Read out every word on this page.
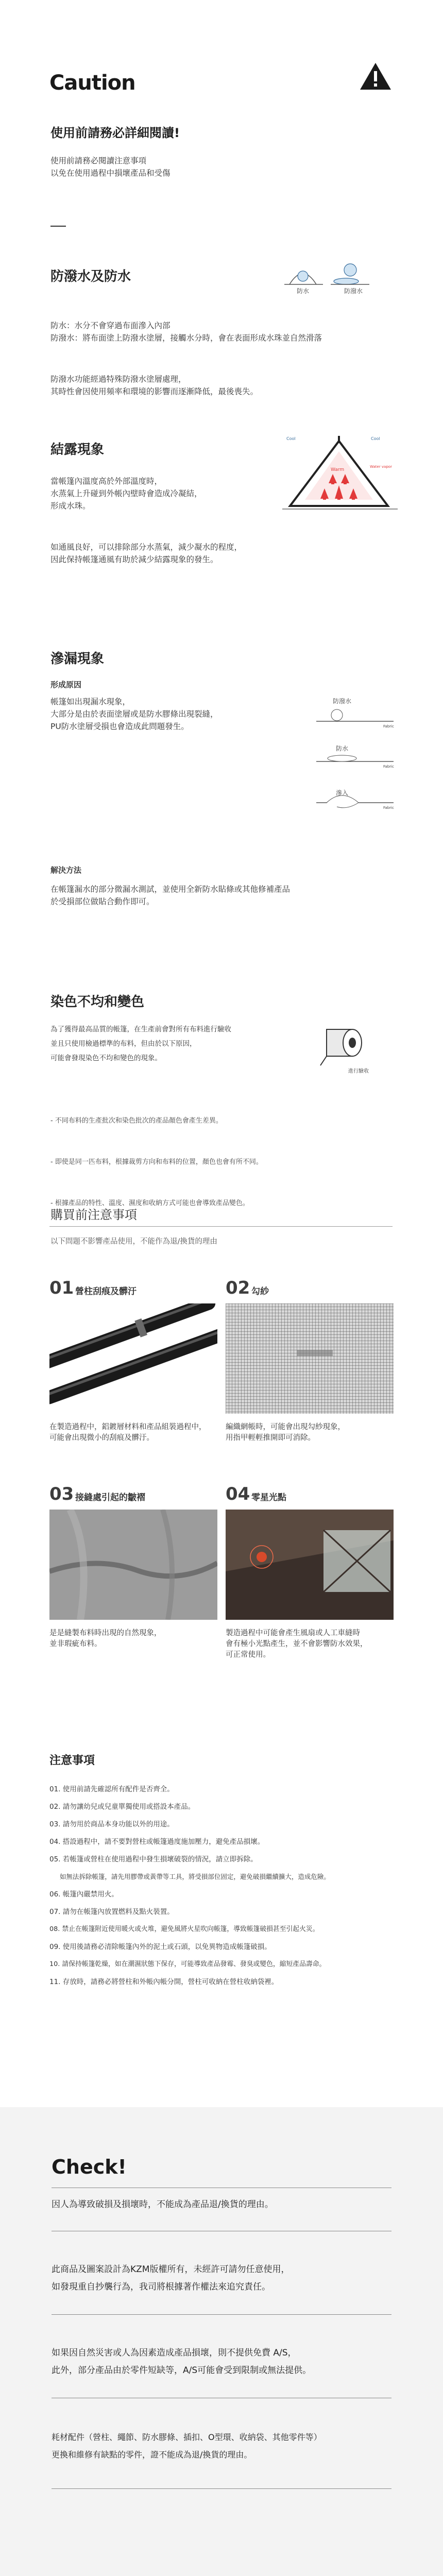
Caution
使用前請務必詳細閱讀!
使用前請務必閱讀注意事項
以免在使用過程中損壞產品和受傷
防潑水及防水
防水	防潑水
防水：水分不會穿過布面滲入內部
防潑水：將布面塗上防潑水塗層，接觸水分時，會在表面形成水珠並自然滑落
防潑水功能經過特殊防潑水塗層處理，
其時性會因使用頻率和環境的影響而逐漸降低，最後喪失。
結露現象
Warm
Cool	Cool
Water vapor
當帳篷內溫度高於外部溫度時，
水蒸氣上升碰到外帳內壁時會造成冷凝結，
形成水珠。
如通風良好，可以排除部分水蒸氣，減少凝水的程度，
因此保持帳篷通風有助於減少結露現象的發生。
滲漏現象
形成原因
帳篷如出現漏水現象，
大部分是由於表面塗層或是防水膠條出現裂縫，
PU防水塗層受損也會造成此問題發生。	Fabric
Fabric
Fabric
防潑水
防水
滲入
解決方法
在帳篷漏水的部分微漏水測試，並使用全新防水貼條或其他修補產品
於受損部位做貼合動作即可。
染色不均和變色
為了獲得最高品質的帳篷，在生產前會對所有布料進行驗收
並且只使用檢過標準的布料，但由於以下原因，
可能會發現染色不均和變色的現象。
進行驗收

- 不同布料的生產批次和染色批次的產品顏色會產生差異。

- 即使是同一匹布料，根據裁剪方向和布料的位置，顏色也會有所不同。

- 根據產品的特性、溫度、濕度和收納方式可能也會導致產品變色。

購買前注意事項
以下問題不影響產品使用，不能作為退/換貨的理由
01 營柱刮痕及髒汙
在製造過程中，鋁鍍層材料和產品組裝過程中，
可能會出現微小的刮痕及髒汙。
02 勾紗
編織網帳時，可能會出現勾紗現象，
用指甲輕輕推開即可消除。
03 接縫處引起的皺褶
是是縫製布料時出現的自然現象，
並非瑕疵布料。
04 零星光點
製造過程中可能會產生風扇或人工車縫時
會有極小光點產生，並不會影響防水效果，
可正常使用。
注意事項
01. 使用前請先確認所有配件是否齊全。
02. 請勿讓幼兒或兒童單獨使用或搭設本產品。
03. 請勿用於商品本身功能以外的用途。
04. 搭設過程中，請不要對營柱或帳篷過度施加壓力，避免產品損壞。
05. 若帳篷或營柱在使用過程中發生損壞破裂的情況，請立即拆除。
如無法拆除帳篷，請先用膠帶或黃帶等工具，將受損部位固定，避免破損繼續擴大，造成危險。
06. 帳篷內嚴禁用火。
07. 請勿在帳篷內放置燃料及點火裝置。
08. 禁止在帳篷附近使用暖火或火堆，避免風將火星吹向帳篷，導致帳篷破損甚至引起火災。
09. 使用後請務必清除帳篷內外的泥土或石頭，以免異物造成帳篷破損。
10. 請保持帳篷乾燥，如在潮濕狀態下保存，可能導致產品發霉、發臭或變色，縮短產品壽命。
11. 存放時，請務必將營柱和外帳內帳分開，營柱可收納在營柱收納袋裡。
Check!
因人為導致破損及損壞時，不能成為產品退/換貨的理由。
此商品及圖案設計為KZM版權所有，未經許可請勿任意使用，
如發現重自抄襲行為，我司將根據著作權法來追究責任。
如果因自然災害或人為因素造成產品損壞，則不提供免費 A/S，
此外，部分產品由於零件短缺等，A/S可能會受到限制或無法提供。
耗材配件（營柱、繩節、防水膠條、插扣、O型環、收納袋、其他零件等）
更換和維修有缺點的零件，證不能成為退/換貨的理由。
